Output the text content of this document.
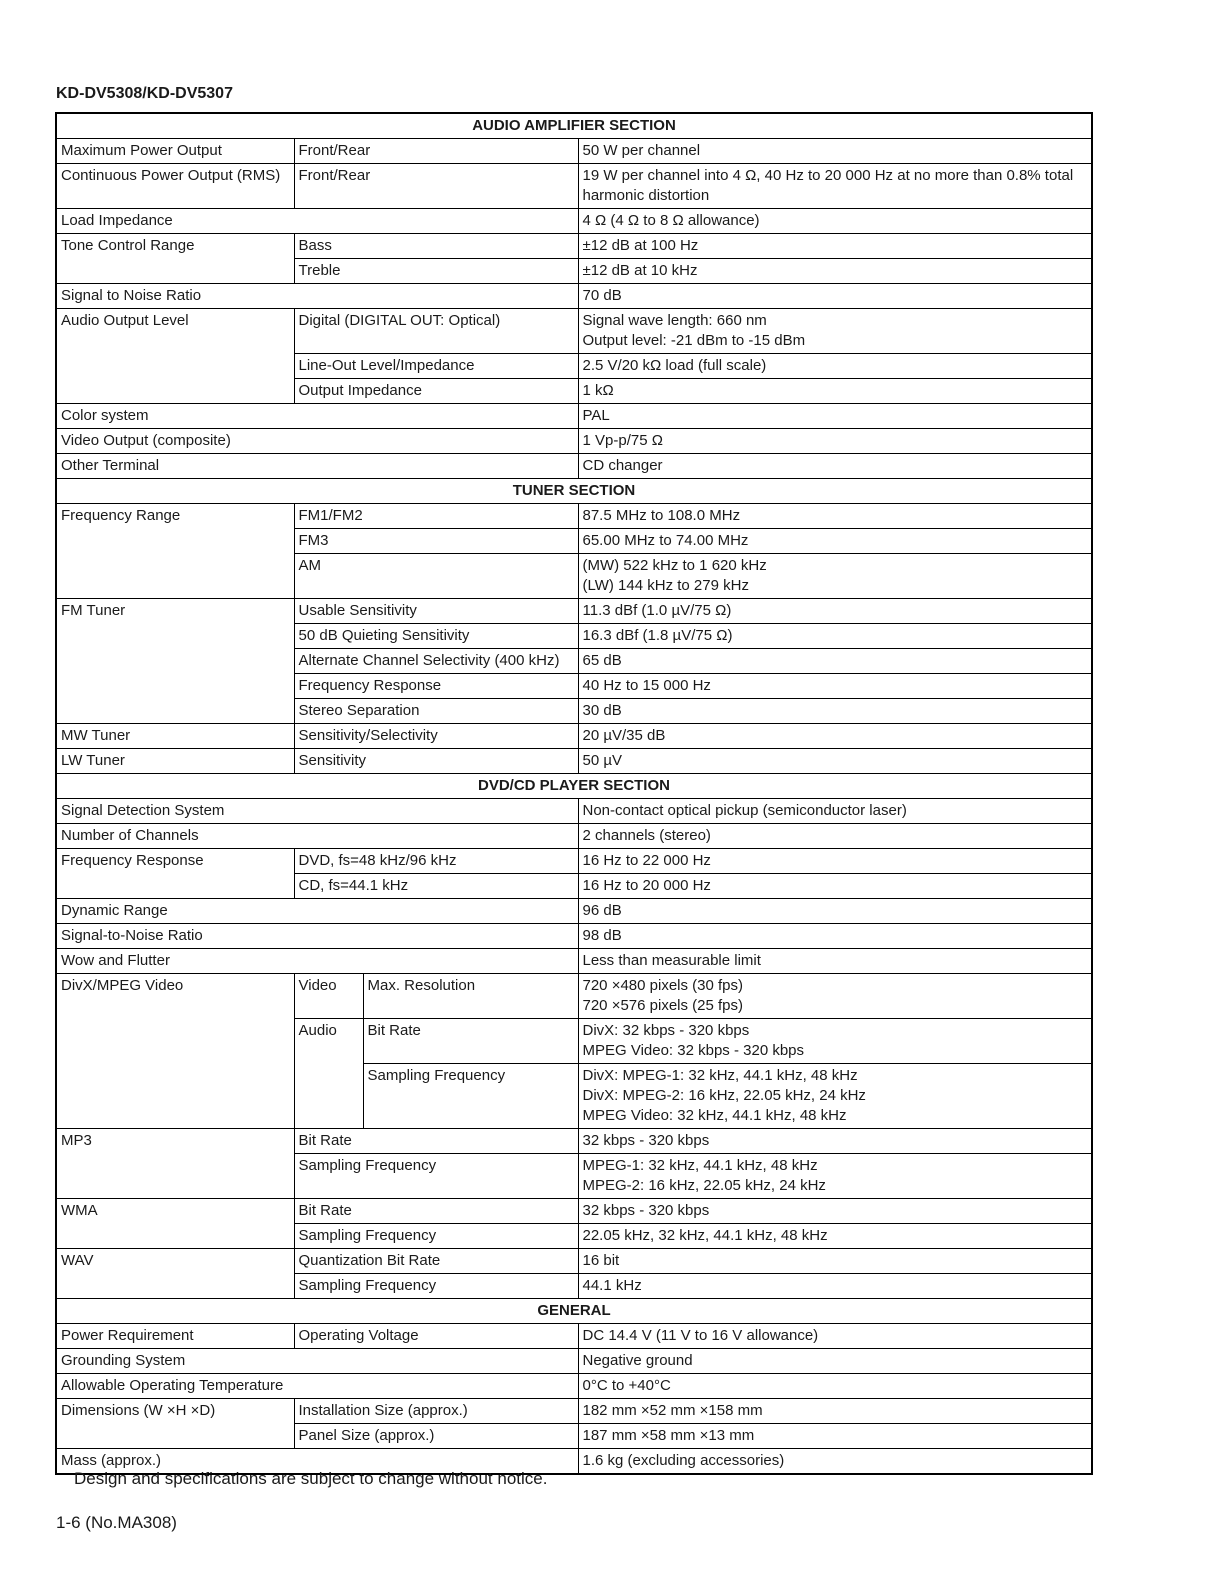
KD-DV5308/KD-DV5307
AUDIO AMPLIFIER SECTION			
Maximum Power Output	Front/Rear		50 W per channel
Continuous Power Output (RMS)	Front/Rear		19 W per channel into 4 Ω, 40 Hz to 20 000 Hz at no more than 0.8% total harmonic distortion
Load Impedance			4 Ω (4 Ω to 8 Ω allowance)
Tone Control Range	Bass		±12 dB at 100 Hz
	Treble		±12 dB at 10 kHz
Signal to Noise Ratio			70 dB
Audio Output Level	Digital (DIGITAL OUT: Optical)		Signal wave length: 660 nm
Output level: -21 dBm to -15 dBm
	Line-Out Level/Impedance		2.5 V/20 kΩ load (full scale)
	Output Impedance		1 kΩ
Color system			PAL
Video Output (composite)			1 Vp-p/75 Ω
Other Terminal			CD changer
TUNER SECTION			
Frequency Range	FM1/FM2		87.5 MHz to 108.0 MHz
	FM3		65.00 MHz to 74.00 MHz
	AM		(MW) 522 kHz to 1 620 kHz
(LW) 144 kHz to 279 kHz
FM Tuner	Usable Sensitivity		11.3 dBf (1.0 µV/75 Ω)
	50 dB Quieting Sensitivity		16.3 dBf (1.8 µV/75 Ω)
	Alternate Channel Selectivity (400 kHz)		65 dB
	Frequency Response		40 Hz to 15 000 Hz
	Stereo Separation		30 dB
MW Tuner	Sensitivity/Selectivity		20 µV/35 dB
LW Tuner	Sensitivity		50 µV
DVD/CD PLAYER SECTION			
Signal Detection System			Non-contact optical pickup (semiconductor laser)
Number of Channels			2 channels (stereo)
Frequency Response	DVD, fs=48 kHz/96 kHz		16 Hz to 22 000 Hz
	CD, fs=44.1 kHz		16 Hz to 20 000 Hz
Dynamic Range			96 dB
Signal-to-Noise Ratio			98 dB
Wow and Flutter			Less than measurable limit
DivX/MPEG Video	Video	Max. Resolution	720 ×480 pixels (30 fps)
720 ×576 pixels (25 fps)
	Audio	Bit Rate	DivX: 32 kbps - 320 kbps
MPEG Video: 32 kbps - 320 kbps
		Sampling Frequency	DivX: MPEG-1: 32 kHz, 44.1 kHz, 48 kHz
DivX: MPEG-2: 16 kHz, 22.05 kHz, 24 kHz
MPEG Video: 32 kHz, 44.1 kHz, 48 kHz
MP3	Bit Rate		32 kbps - 320 kbps
	Sampling Frequency		MPEG-1: 32 kHz, 44.1 kHz, 48 kHz
MPEG-2: 16 kHz, 22.05 kHz, 24 kHz
WMA	Bit Rate		32 kbps - 320 kbps
	Sampling Frequency		22.05 kHz, 32 kHz, 44.1 kHz, 48 kHz
WAV	Quantization Bit Rate		16 bit
	Sampling Frequency		44.1 kHz
GENERAL			
Power Requirement	Operating Voltage		DC 14.4 V (11 V to 16 V allowance)
Grounding System			Negative ground
Allowable Operating Temperature			0°C to +40°C
Dimensions (W ×H ×D)	Installation Size (approx.)		182 mm ×52 mm ×158 mm
	Panel Size (approx.)		187 mm ×58 mm ×13 mm
Mass (approx.)			1.6 kg (excluding accessories)
Design and specifications are subject to change without notice.
1-6 (No.MA308)
